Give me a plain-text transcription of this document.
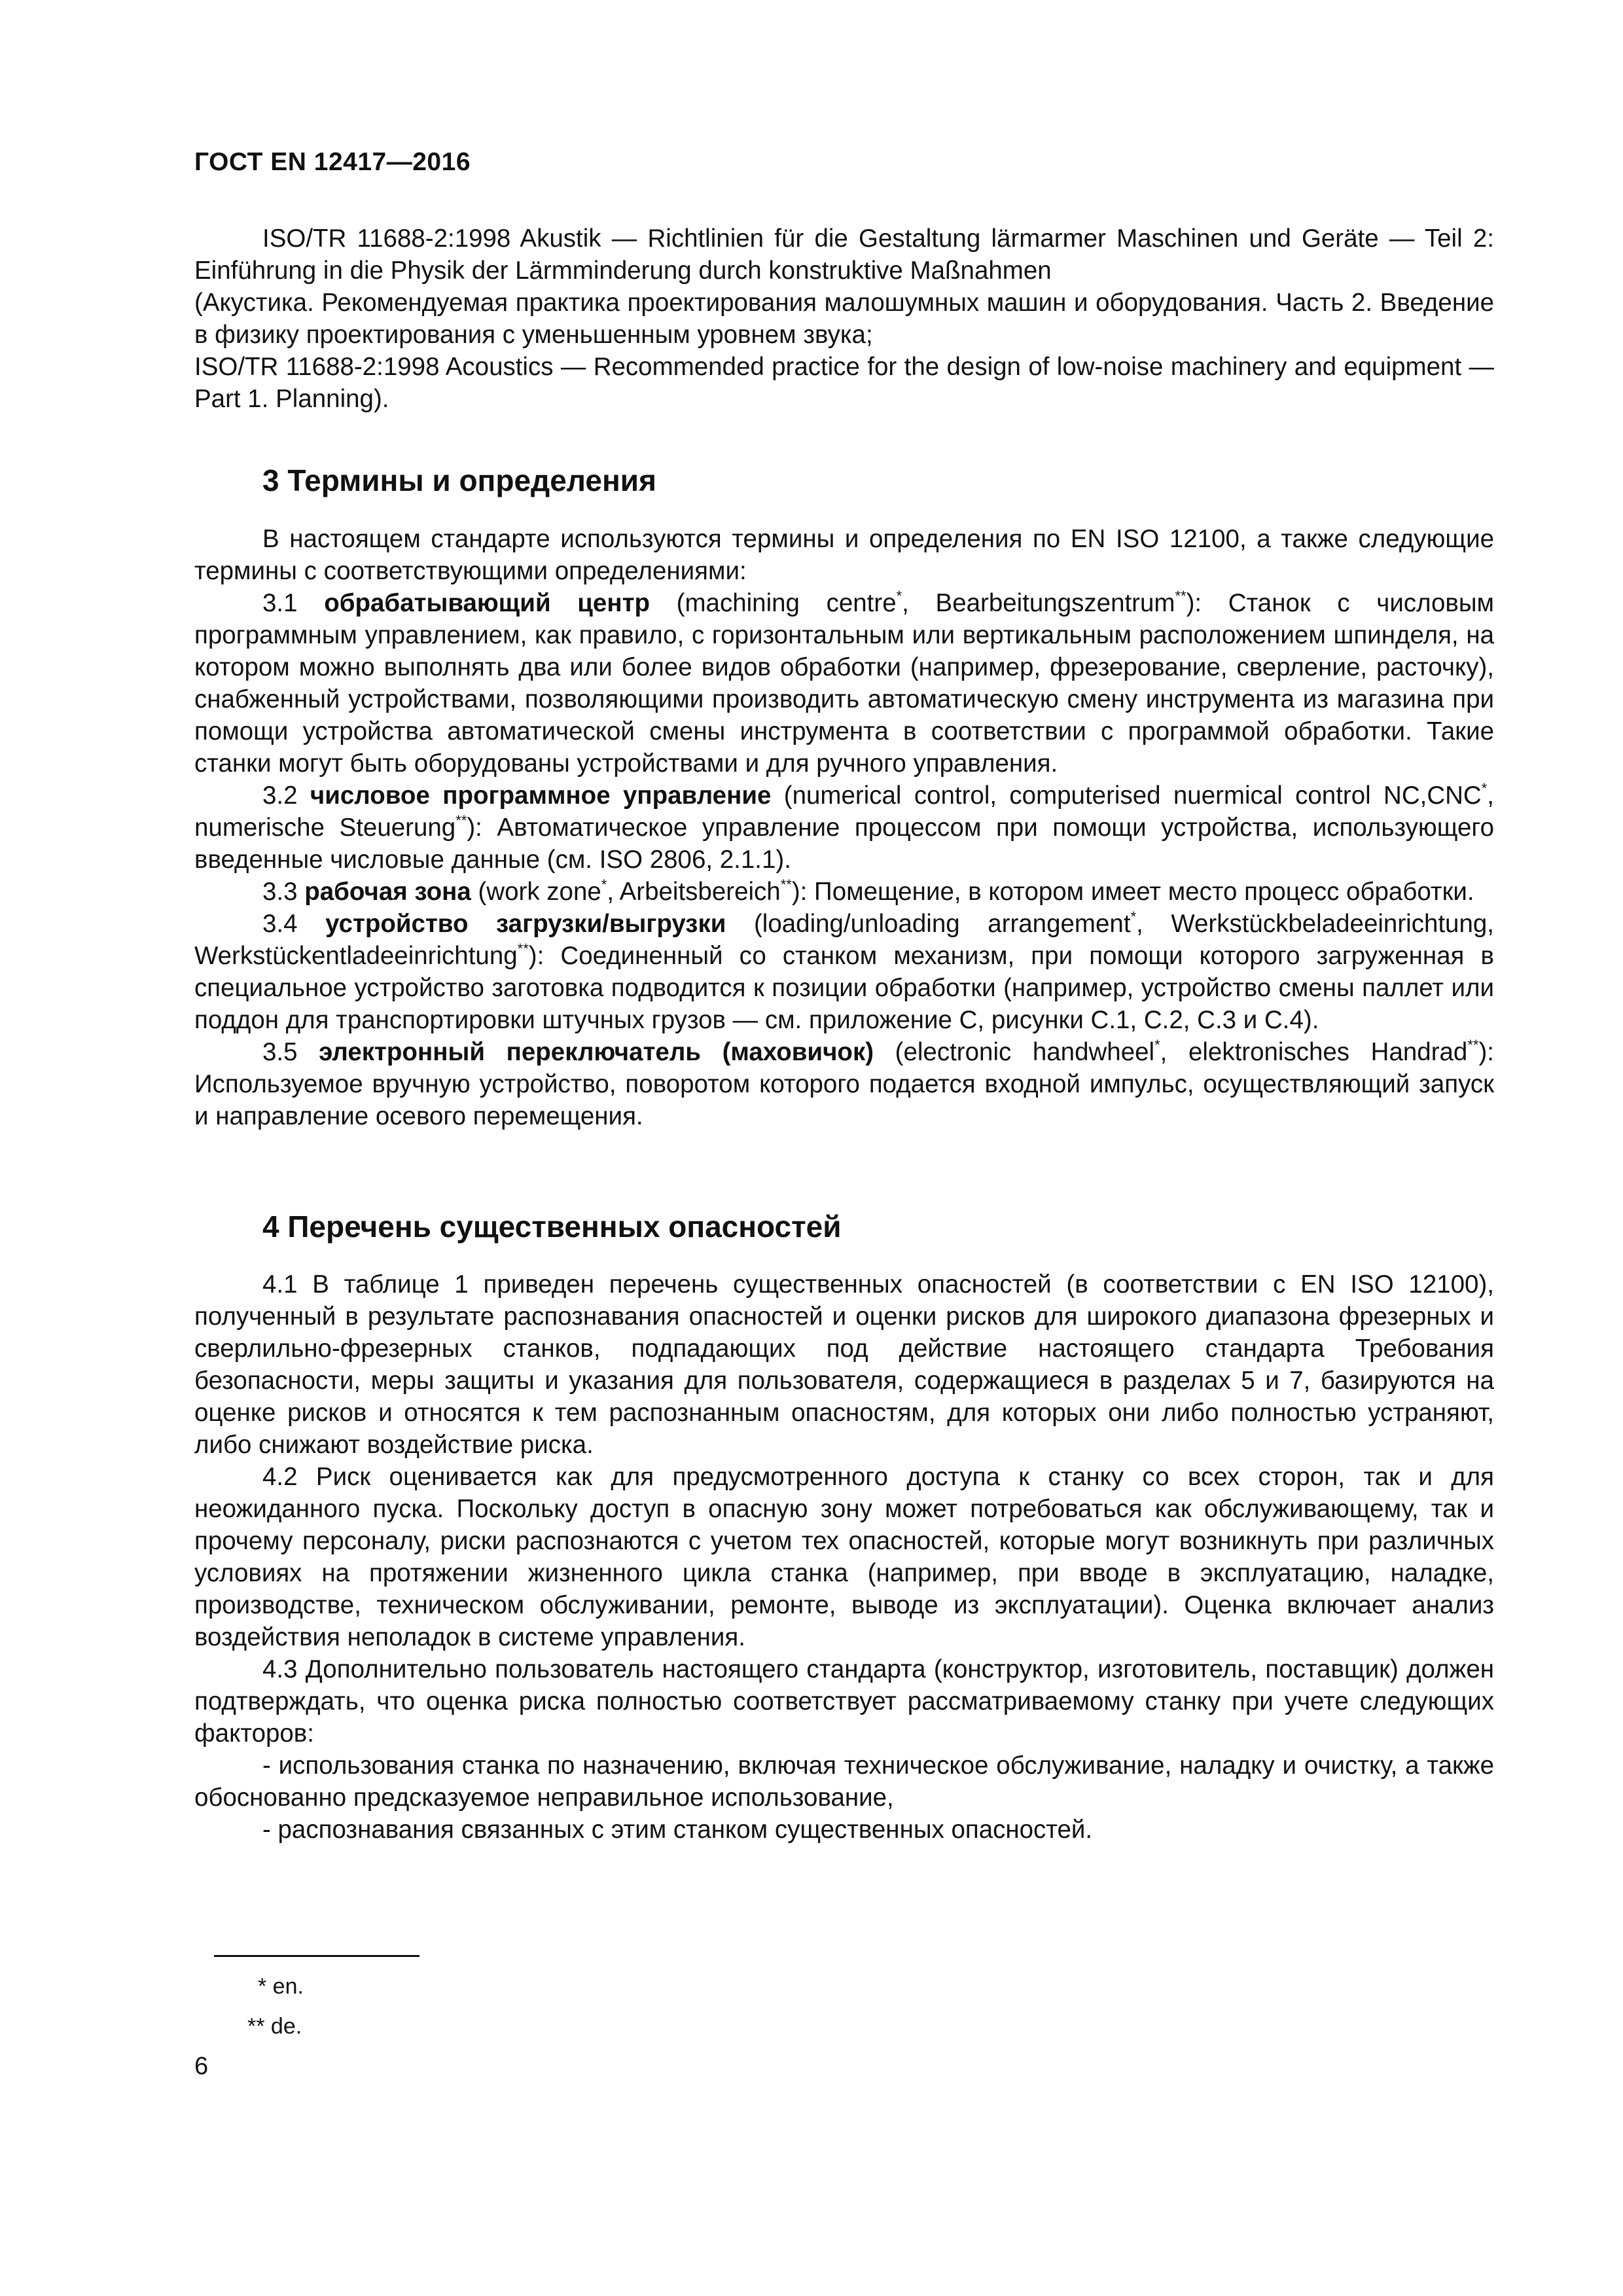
ГОСТ EN 12417—2016

ISO/TR 11688-2:1998 Akustik — Richtlinien für die Gestaltung lärmarmer Maschinen und Geräte — Teil 2: Einführung in die Physik der Lärmminderung durch konstruktive Maßnahmen

(Акустика. Рекомендуемая практика проектирования малошумных машин и оборудования. Часть 2. Введение в физику проектирования с уменьшенным уровнем звука;

ISO/TR 11688-2:1998 Acoustics — Recommended practice for the design of low-noise machinery and equipment — Part 1. Planning).

3 Термины и определения

В настоящем стандарте используются термины и определения по EN ISO 12100, а также следующие термины с соответствующими определениями:

3.1 обрабатывающий центр (machining centre*, Bearbeitungszentrum**): Станок с числовым программным управлением, как правило, с горизонтальным или вертикальным расположением шпинделя, на котором можно выполнять два или более видов обработки (например, фрезерование, сверление, расточку), снабженный устройствами, позволяющими производить автоматическую смену инструмента из магазина при помощи устройства автоматической смены инструмента в соответствии с программой обработки. Такие станки могут быть оборудованы устройствами и для ручного управления.

3.2 числовое программное управление (numerical control, computerised nuermical control NC,CNC*, numerische Steuerung**): Автоматическое управление процессом при помощи устройства, использующего введенные числовые данные (см. ISO 2806, 2.1.1).

3.3 рабочая зона (work zone*, Arbeitsbereich**): Помещение, в котором имеет место процесс обработки.

3.4 устройство загрузки/выгрузки (loading/unloading arrangement*, Werkstückbeladeeinrichtung, Werkstückentladeeinrichtung**): Соединенный со станком механизм, при помощи которого загруженная в специальное устройство заготовка подводится к позиции обработки (например, устройство смены паллет или поддон для транспортировки штучных грузов — см. приложение С, рисунки С.1, С.2, С.3 и С.4).

3.5 электронный переключатель (маховичок) (electronic handwheel*, elektronisches Handrad**): Используемое вручную устройство, поворотом которого подается входной импульс, осуществляющий запуск и направление осевого перемещения.

4 Перечень существенных опасностей

4.1 В таблице 1 приведен перечень существенных опасностей (в соответствии с EN ISO 12100), полученный в результате распознавания опасностей и оценки рисков для широкого диапазона фрезерных и сверлильно-фрезерных станков, подпадающих под действие настоящего стандарта Требования безопасности, меры защиты и указания для пользователя, содержащиеся в разделах 5 и 7, базируются на оценке рисков и относятся к тем распознанным опасностям, для которых они либо полностью устраняют, либо снижают воздействие риска.

4.2 Риск оценивается как для предусмотренного доступа к станку со всех сторон, так и для неожиданного пуска. Поскольку доступ в опасную зону может потребоваться как обслуживающему, так и прочему персоналу, риски распознаются с учетом тех опасностей, которые могут возникнуть при различных условиях на протяжении жизненного цикла станка (например, при вводе в эксплуатацию, наладке, производстве, техническом обслуживании, ремонте, выводе из эксплуатации). Оценка включает анализ воздействия неполадок в системе управления.

4.3 Дополнительно пользователь настоящего стандарта (конструктор, изготовитель, поставщик) должен подтверждать, что оценка риска полностью соответствует рассматриваемому станку при учете следующих факторов:

- использования станка по назначению, включая техническое обслуживание, наладку и очистку, а также обоснованно предсказуемое неправильное использование,

- распознавания связанных с этим станком существенных опасностей.

* en.
** de.
6
